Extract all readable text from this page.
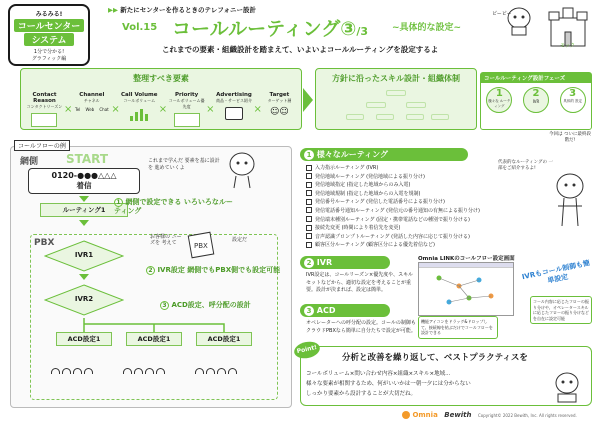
みるみる!
コールセンター
システム
1分で分かる!
グラフィック編
▶▶ 新たにセンターを作るときのテレフォニー設計
Vol.15 コールルーティング③/3	~具体的な設定~
これまでの要素・組織設計を踏まえて、いよいよコールルーティングを設定するよ
ビービー
モック
整理すべき要素
Contact Reason
コンタクトリーズン ×
Channel
チャネル
Tel Web Chat ×
Call Volume
コールボリューム
×
Priority
コールボリューム優先度	×
Advertising
商品・サービス紹介
×
Target
ターゲット層
☺☺
方針に沿ったスキル設計・組織体制	コールルーティング設計フェーズ
1
様々な ルーティング
2
IVR
3
具体的 設定
今回は ついに最終段階だ!
コールフローの例
網側 START
0120-●●●△△△
着信
ルーティング1
PBX
IVR1
IVR2
ACD設定1	ACD設定1	ACD設定1
これまで学んだ 要素を基に設計を 進めていくよ
1 網側で設定できる いろいろなルーティング
お客様の ニーズを 考えて	PBX
設定だ
2 IVR設定 網側でもPBX側でも設定可能
3 ACD設定、呼分配の設計
1 様々なルーティング
入力指示ルーティング (IVR)
発信地域ルーティング (発信地域による振り分け)
発信地域指定 (指定した地域からのみ入電)
発信地域規制 (指定した地域からの入電を規制)
発信番号ルーティング (発信した電話番号による振り分け)
発信電話番号通知ルーティング (発信元の番号通知の有無による振り分け)
発信端末種別ルーティング (固定・携帯電話などの種別で振り分ける)
接続先変更 (時間により着信先を変更)
音声認識プロンプトルーティング (発話した内容に応じて振り分ける)
顧客区分ルーティング (顧客区分による優先着信など)
代表的なルーティングの 一部をご紹介するよ!
2 IVR
IVR設定は、コールリーズン×優先度や、スキルセットなどから、適切な設定を考えることが重要。設計が決まれば、設定は簡単。
3 ACD
オペレーターへの呼分配の設定。コールの制御もクラウドPBXなら簡単に自分たちで設定が可能。
Omnia LINKのコールフロー設定画面 IVRもコール制御も簡単設定
機能アイコンをドラッグ&ドロップして、接続線を結ぶだけでコールフローを設計できる
コール内容に応じたフローの振り分けや、オペレータースキルに応じたフローの振り分けなどを自在に設定可能
Point!
分析と改善を繰り返して、ベストプラクティスを
コールボリューム×問い合わせ内容×組織×スキル×地域...
様々な要素が相関するため、何がいいかは一朝一夕には分からない
しっかり要素から設計することが大切だね。
Omnia Bewith Copyright© 2022 Bewith, Inc. All rights reserved.
